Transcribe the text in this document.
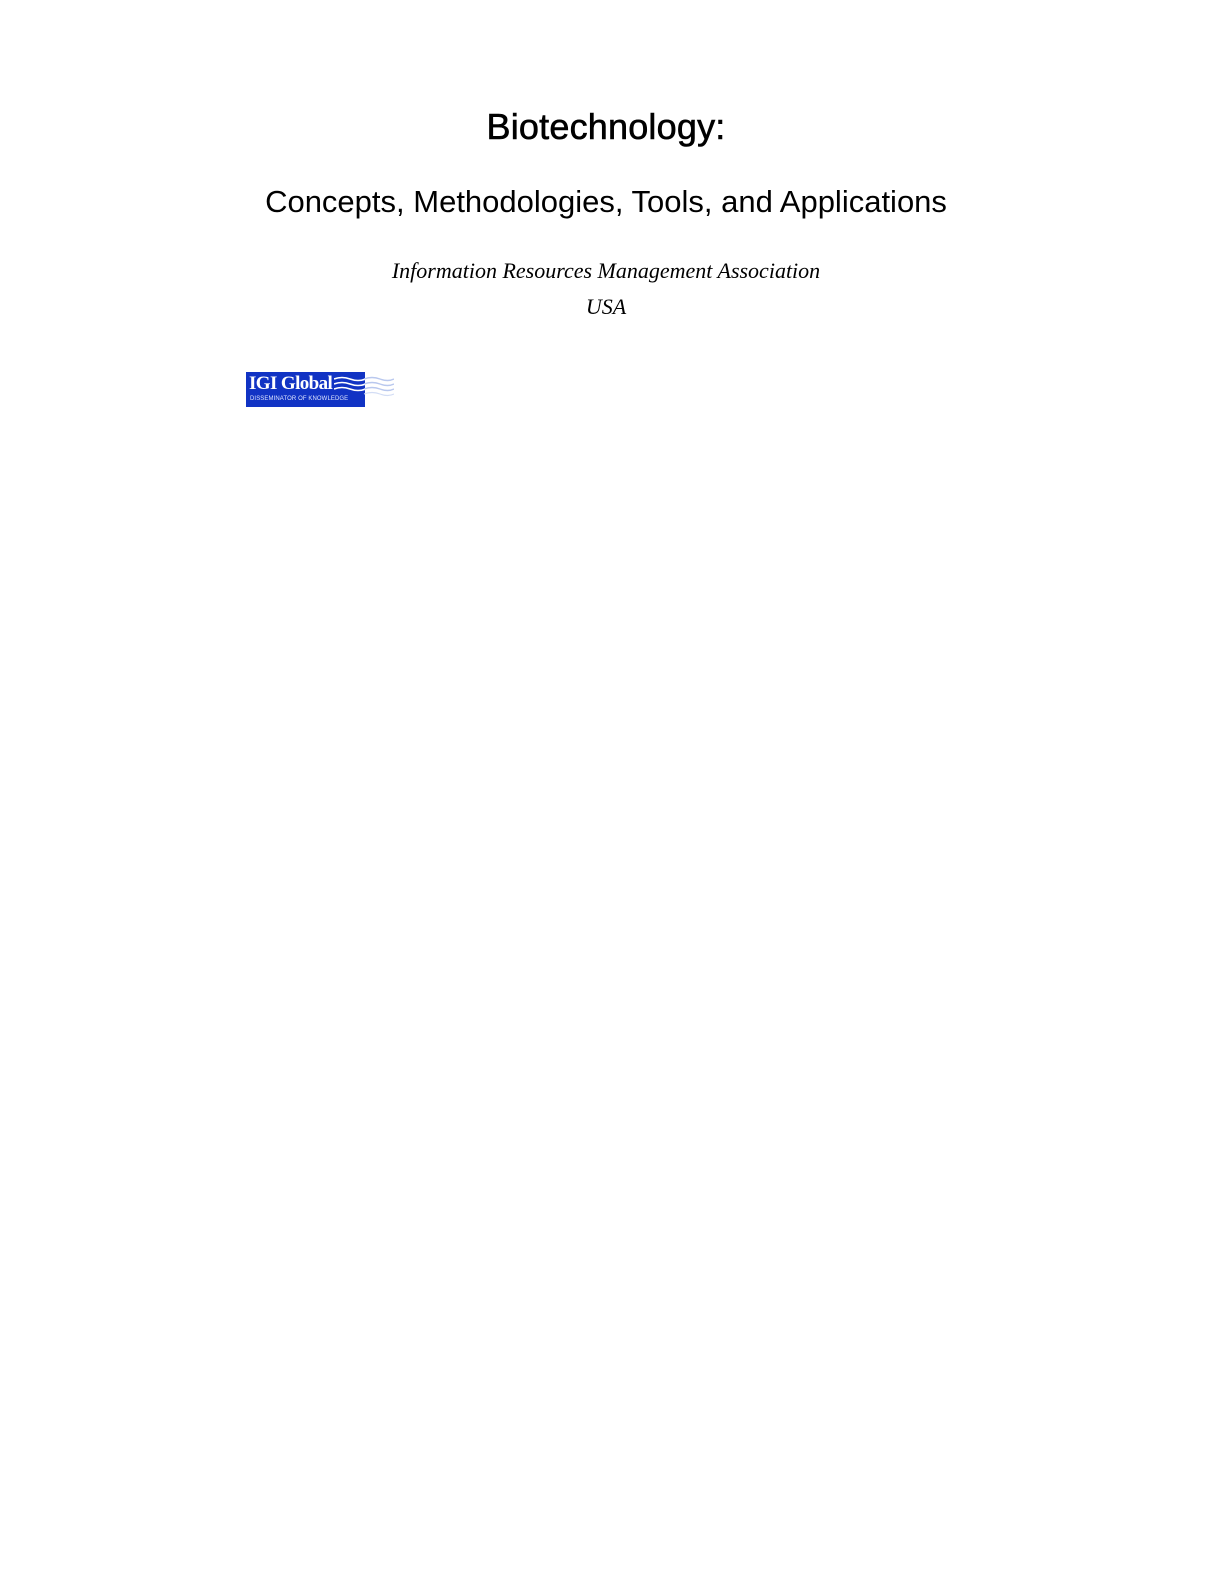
Biotechnology:
Concepts, Methodologies, Tools, and Applications
Information Resources Management Association
USA
IGI Global
DISSEMINATOR OF KNOWLEDGE
